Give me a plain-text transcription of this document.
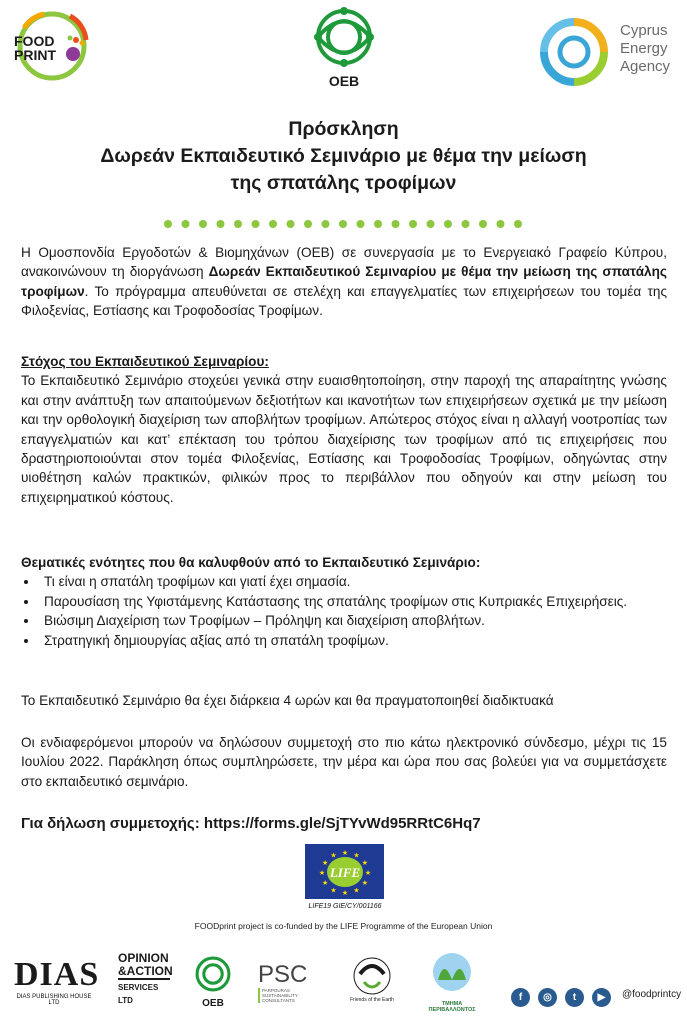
FOOD
PRINT
OEB
Cyprus
Energy
Agency
Πρόσκληση
Δωρεάν Εκπαιδευτικό Σεμινάριο με θέμα την μείωση
της σπατάλης τροφίμων
Η Ομοσπονδία Εργοδοτών & Βιομηχάνων (ΟΕΒ) σε συνεργασία με το Ενεργειακό Γραφείο Κύπρου, ανακοινώνουν τη διοργάνωση Δωρεάν Εκπαιδευτικού Σεμιναρίου με θέμα την μείωση της σπατάλης τροφίμων. Το πρόγραμμα απευθύνεται σε στελέχη και επαγγελματίες των επιχειρήσεων του τομέα της Φιλοξενίας, Εστίασης και Τροφοδοσίας Τροφίμων.
Στόχος του Εκπαιδευτικού Σεμιναρίου:
Το Εκπαιδευτικό Σεμινάριο στοχεύει γενικά στην ευαισθητοποίηση, στην παροχή της απαραίτητης γνώσης και στην ανάπτυξη των απαιτούμενων δεξιοτήτων και ικανοτήτων των επιχειρήσεων σχετικά με την μείωση και την ορθολογική διαχείριση των αποβλήτων τροφίμων. Απώτερος στόχος είναι η αλλαγή νοοτροπίας των επαγγελματιών και κατ’ επέκταση του τρόπου διαχείρισης των τροφίμων από τις επιχειρήσεις που δραστηριοποιούνται στον τομέα Φιλοξενίας, Εστίασης και Τροφοδοσίας Τροφίμων, οδηγώντας στην υιοθέτηση καλών πρακτικών, φιλικών προς το περιβάλλον που οδηγούν και στην μείωση του επιχειρηματικού κόστους.
Θεματικές ενότητες που θα καλυφθούν από το Εκπαιδευτικό Σεμινάριο:
• Τι είναι η σπατάλη τροφίμων και γιατί έχει σημασία.
• Παρουσίαση της Υφιστάμενης Κατάστασης της σπατάλης τροφίμων στις Κυπριακές Επιχειρήσεις.
• Βιώσιμη Διαχείριση των Τροφίμων – Πρόληψη και διαχείριση αποβλήτων.
• Στρατηγική δημιουργίας αξίας από τη σπατάλη τροφίμων.
Το Εκπαιδευτικό Σεμινάριο θα έχει διάρκεια 4 ωρών και θα πραγματοποιηθεί διαδικτυακά
Οι ενδιαφερόμενοι μπορούν να δηλώσουν συμμετοχή στο πιο κάτω ηλεκτρονικό σύνδεσμο, μέχρι τις 15 Ιουλίου 2022. Παράκληση όπως συμπληρώσετε, την μέρα και ώρα που σας βολεύει για να συμμετάσχετε στο εκπαιδευτικό σεμινάριο.
Για δήλωση συμμετοχής: https://forms.gle/SjTYvWd95RRtC6Hq7
LIFE ★
★
★
★
★
★
★
★
★ ★ ★
★
LIFE19 GIE/CY/001166
FOODprint project is co-funded by the LIFE Programme of the European Union
DIAS
DIAS PUBLISHING HOUSE LTD
OPINION
&ACTION
SERVICES LTD	OEB
PSC
PARPOURAS SUSTAINABILITY CONSULTANTS	Friends of the Earth
ΤΜΗΜΑ ΠΕΡΙΒΑΛΛΟΝΤΟΣ
f	◎	t	▶	@foodprintcy
